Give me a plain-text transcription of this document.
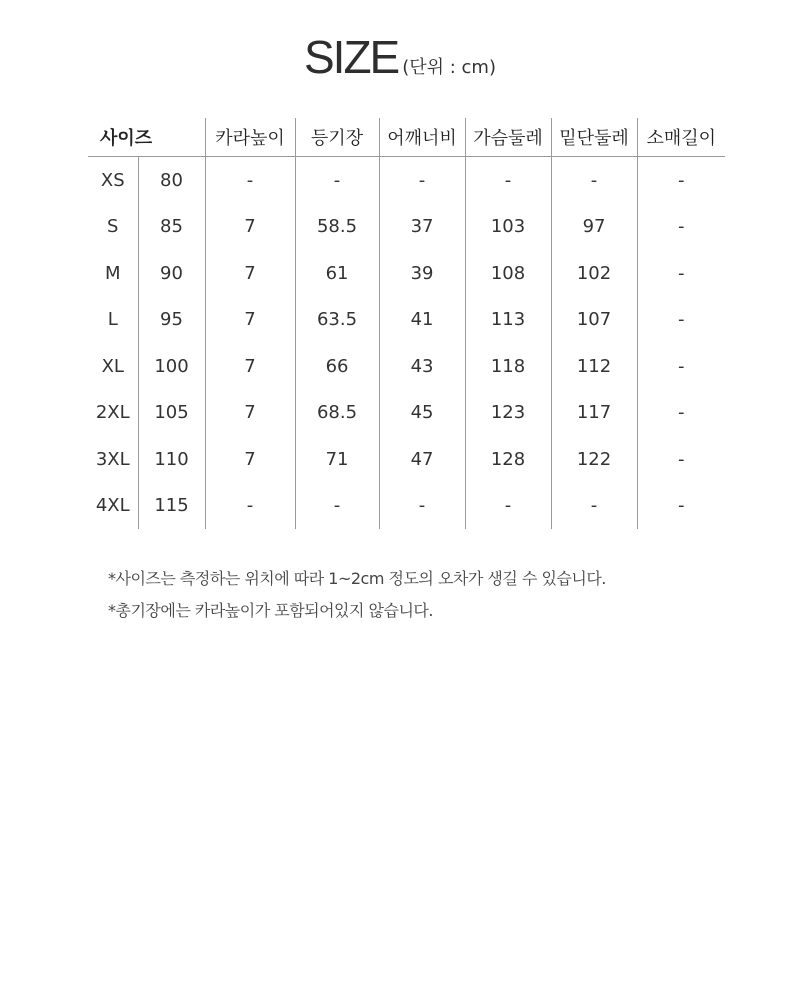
SIZE (단위 : cm)
사이즈		카라높이	등기장	어깨너비	가슴둘레	밑단둘레	소매길이
XS	80	-	-	-	-	-	-
S	85	7	58.5	37	103	97	-
M	90	7	61	39	108	102	-
L	95	7	63.5	41	113	107	-
XL	100	7	66	43	118	112	-
2XL	105	7	68.5	45	123	117	-
3XL	110	7	71	47	128	122	-
4XL	115	-	-	-	-	-	-
*사이즈는 측정하는 위치에 따라 1~2cm 정도의 오차가 생길 수 있습니다.
*총기장에는 카라높이가 포함되어있지 않습니다.
